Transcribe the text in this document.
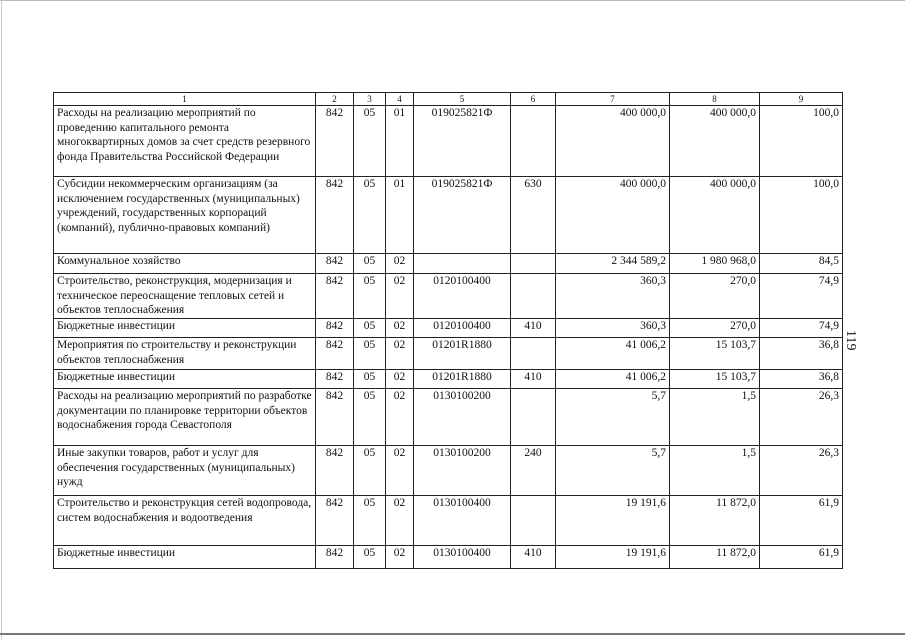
119
1	2	3	4	5	6	7	8	9
Расходы на реализацию мероприятий по проведению капитального ремонта многоквартирных домов за счет средств резервного фонда Правительства Российской Федерации	842	05	01	019025821Ф		400 000,0	400 000,0	100,0
Субсидии некоммерческим организациям (за исключением государственных (муниципальных) учреждений, государственных корпораций (компаний), публично-правовых компаний)	842	05	01	019025821Ф	630	400 000,0	400 000,0	100,0
Коммунальное хозяйство	842	05	02			2 344 589,2	1 980 968,0	84,5
Строительство, реконструкция, модернизация и техническое переоснащение тепловых сетей и объектов теплоснабжения	842	05	02	0120100400		360,3	270,0	74,9
Бюджетные инвестиции	842	05	02	0120100400	410	360,3	270,0	74,9
Мероприятия по строительству и реконструкции объектов теплоснабжения	842	05	02	01201R1880		41 006,2	15 103,7	36,8
Бюджетные инвестиции	842	05	02	01201R1880	410	41 006,2	15 103,7	36,8
Расходы на реализацию мероприятий по разработке документации по планировке территории объектов водоснабжения города Севастополя	842	05	02	0130100200		5,7	1,5	26,3
Иные закупки товаров, работ и услуг для обеспечения государственных (муниципальных) нужд	842	05	02	0130100200	240	5,7	1,5	26,3
Строительство и реконструкция сетей водопровода, систем водоснабжения и водоотведения	842	05	02	0130100400		19 191,6	11 872,0	61,9
Бюджетные инвестиции	842	05	02	0130100400	410	19 191,6	11 872,0	61,9
